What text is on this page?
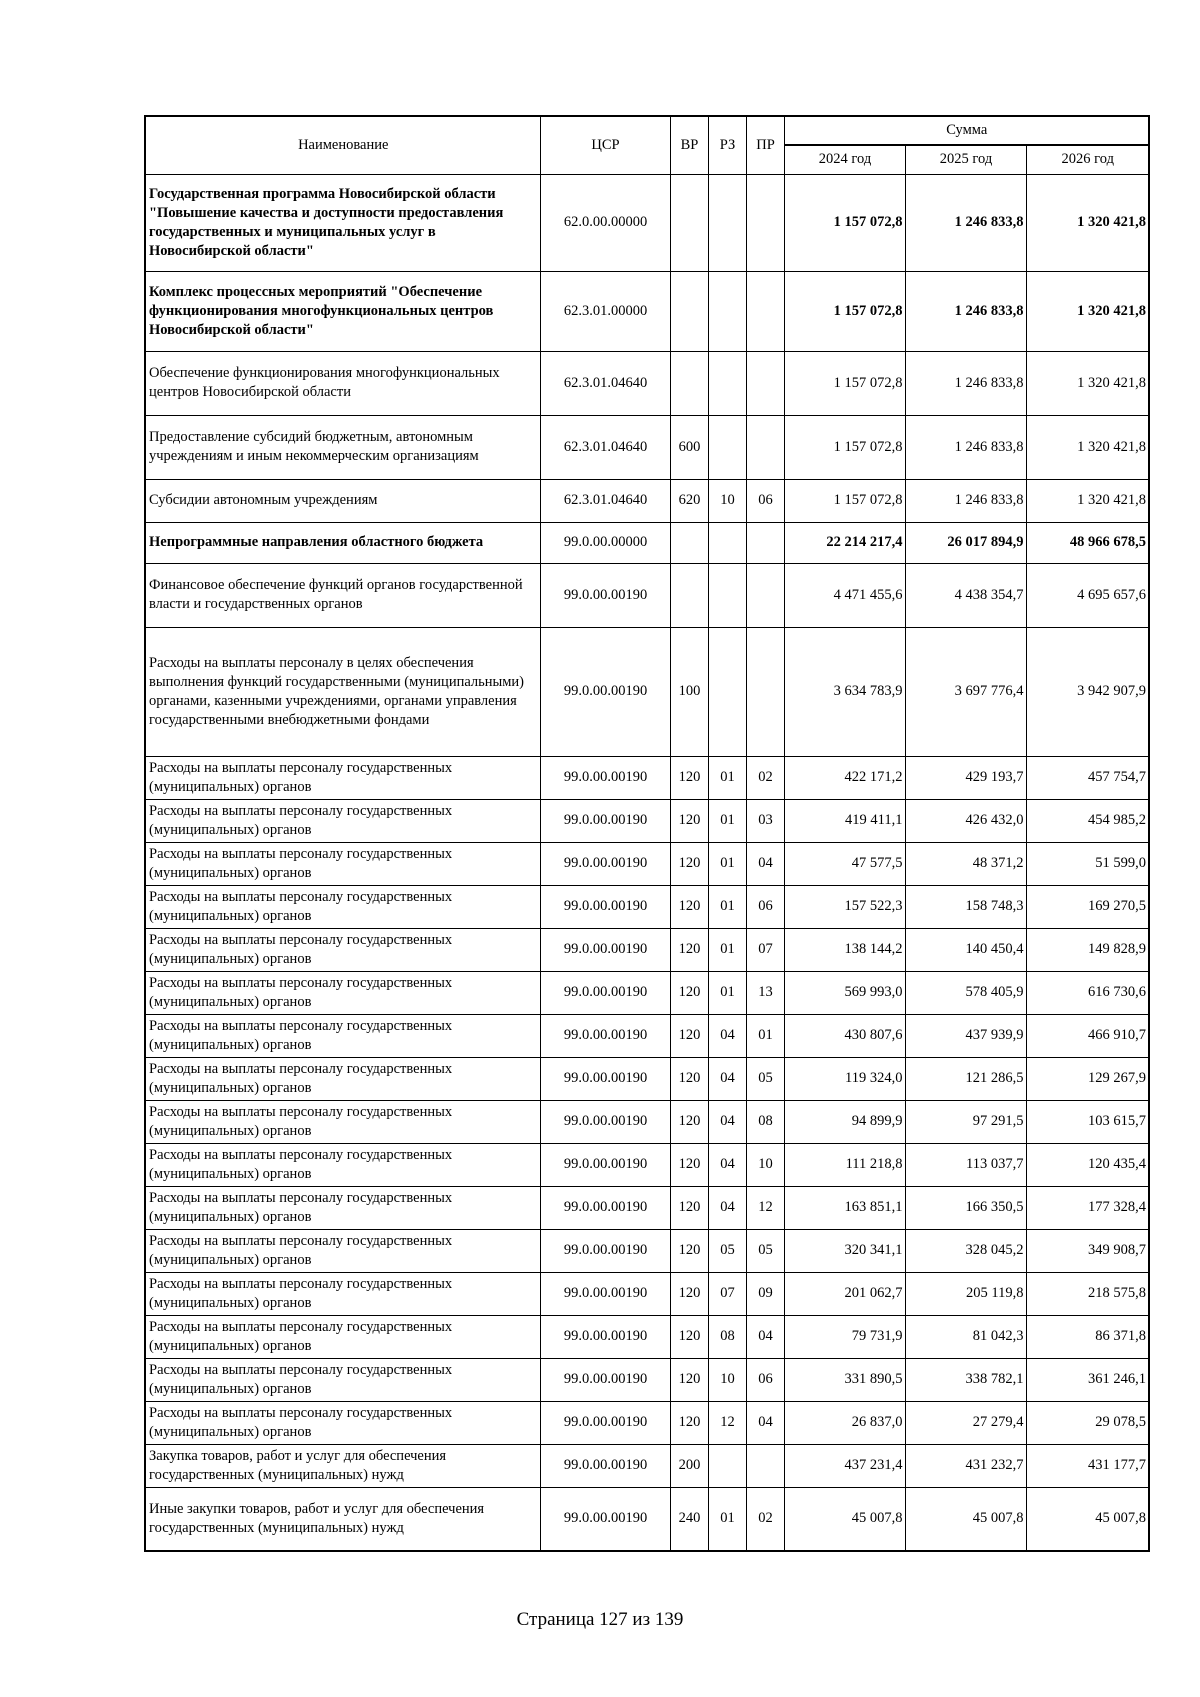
Наименование	ЦСР	ВР	РЗ	ПР	Сумма		
					2024 год	2025 год	2026 год
Государственная программа Новосибирской области "Повышение качества и доступности предоставления государственных и муниципальных услуг в Новосибирской области"	62.0.00.00000				1 157 072,8	1 246 833,8	1 320 421,8
Комплекс процессных мероприятий "Обеспечение функционирования многофункциональных центров Новосибирской области"	62.3.01.00000				1 157 072,8	1 246 833,8	1 320 421,8
Обеспечение функционирования многофункциональных центров Новосибирской области	62.3.01.04640				1 157 072,8	1 246 833,8	1 320 421,8
Предоставление субсидий бюджетным, автономным учреждениям и иным некоммерческим организациям	62.3.01.04640	600			1 157 072,8	1 246 833,8	1 320 421,8
Субсидии автономным учреждениям	62.3.01.04640	620	10	06	1 157 072,8	1 246 833,8	1 320 421,8
Непрограммные направления областного бюджета	99.0.00.00000				22 214 217,4	26 017 894,9	48 966 678,5
Финансовое обеспечение функций органов государственной власти и государственных органов	99.0.00.00190				4 471 455,6	4 438 354,7	4 695 657,6
Расходы на выплаты персоналу в целях обеспечения выполнения функций государственными (муниципальными) органами, казенными учреждениями, органами управления государственными внебюджетными фондами	99.0.00.00190	100			3 634 783,9	3 697 776,4	3 942 907,9
Расходы на выплаты персоналу государственных (муниципальных) органов	99.0.00.00190	120	01	02	422 171,2	429 193,7	457 754,7
Расходы на выплаты персоналу государственных (муниципальных) органов	99.0.00.00190	120	01	03	419 411,1	426 432,0	454 985,2
Расходы на выплаты персоналу государственных (муниципальных) органов	99.0.00.00190	120	01	04	47 577,5	48 371,2	51 599,0
Расходы на выплаты персоналу государственных (муниципальных) органов	99.0.00.00190	120	01	06	157 522,3	158 748,3	169 270,5
Расходы на выплаты персоналу государственных (муниципальных) органов	99.0.00.00190	120	01	07	138 144,2	140 450,4	149 828,9
Расходы на выплаты персоналу государственных (муниципальных) органов	99.0.00.00190	120	01	13	569 993,0	578 405,9	616 730,6
Расходы на выплаты персоналу государственных (муниципальных) органов	99.0.00.00190	120	04	01	430 807,6	437 939,9	466 910,7
Расходы на выплаты персоналу государственных (муниципальных) органов	99.0.00.00190	120	04	05	119 324,0	121 286,5	129 267,9
Расходы на выплаты персоналу государственных (муниципальных) органов	99.0.00.00190	120	04	08	94 899,9	97 291,5	103 615,7
Расходы на выплаты персоналу государственных (муниципальных) органов	99.0.00.00190	120	04	10	111 218,8	113 037,7	120 435,4
Расходы на выплаты персоналу государственных (муниципальных) органов	99.0.00.00190	120	04	12	163 851,1	166 350,5	177 328,4
Расходы на выплаты персоналу государственных (муниципальных) органов	99.0.00.00190	120	05	05	320 341,1	328 045,2	349 908,7
Расходы на выплаты персоналу государственных (муниципальных) органов	99.0.00.00190	120	07	09	201 062,7	205 119,8	218 575,8
Расходы на выплаты персоналу государственных (муниципальных) органов	99.0.00.00190	120	08	04	79 731,9	81 042,3	86 371,8
Расходы на выплаты персоналу государственных (муниципальных) органов	99.0.00.00190	120	10	06	331 890,5	338 782,1	361 246,1
Расходы на выплаты персоналу государственных (муниципальных) органов	99.0.00.00190	120	12	04	26 837,0	27 279,4	29 078,5
Закупка товаров, работ и услуг для обеспечения государственных (муниципальных) нужд	99.0.00.00190	200			437 231,4	431 232,7	431 177,7
Иные закупки товаров, работ и услуг для обеспечения государственных (муниципальных) нужд	99.0.00.00190	240	01	02	45 007,8	45 007,8	45 007,8
Страница 127 из 139
